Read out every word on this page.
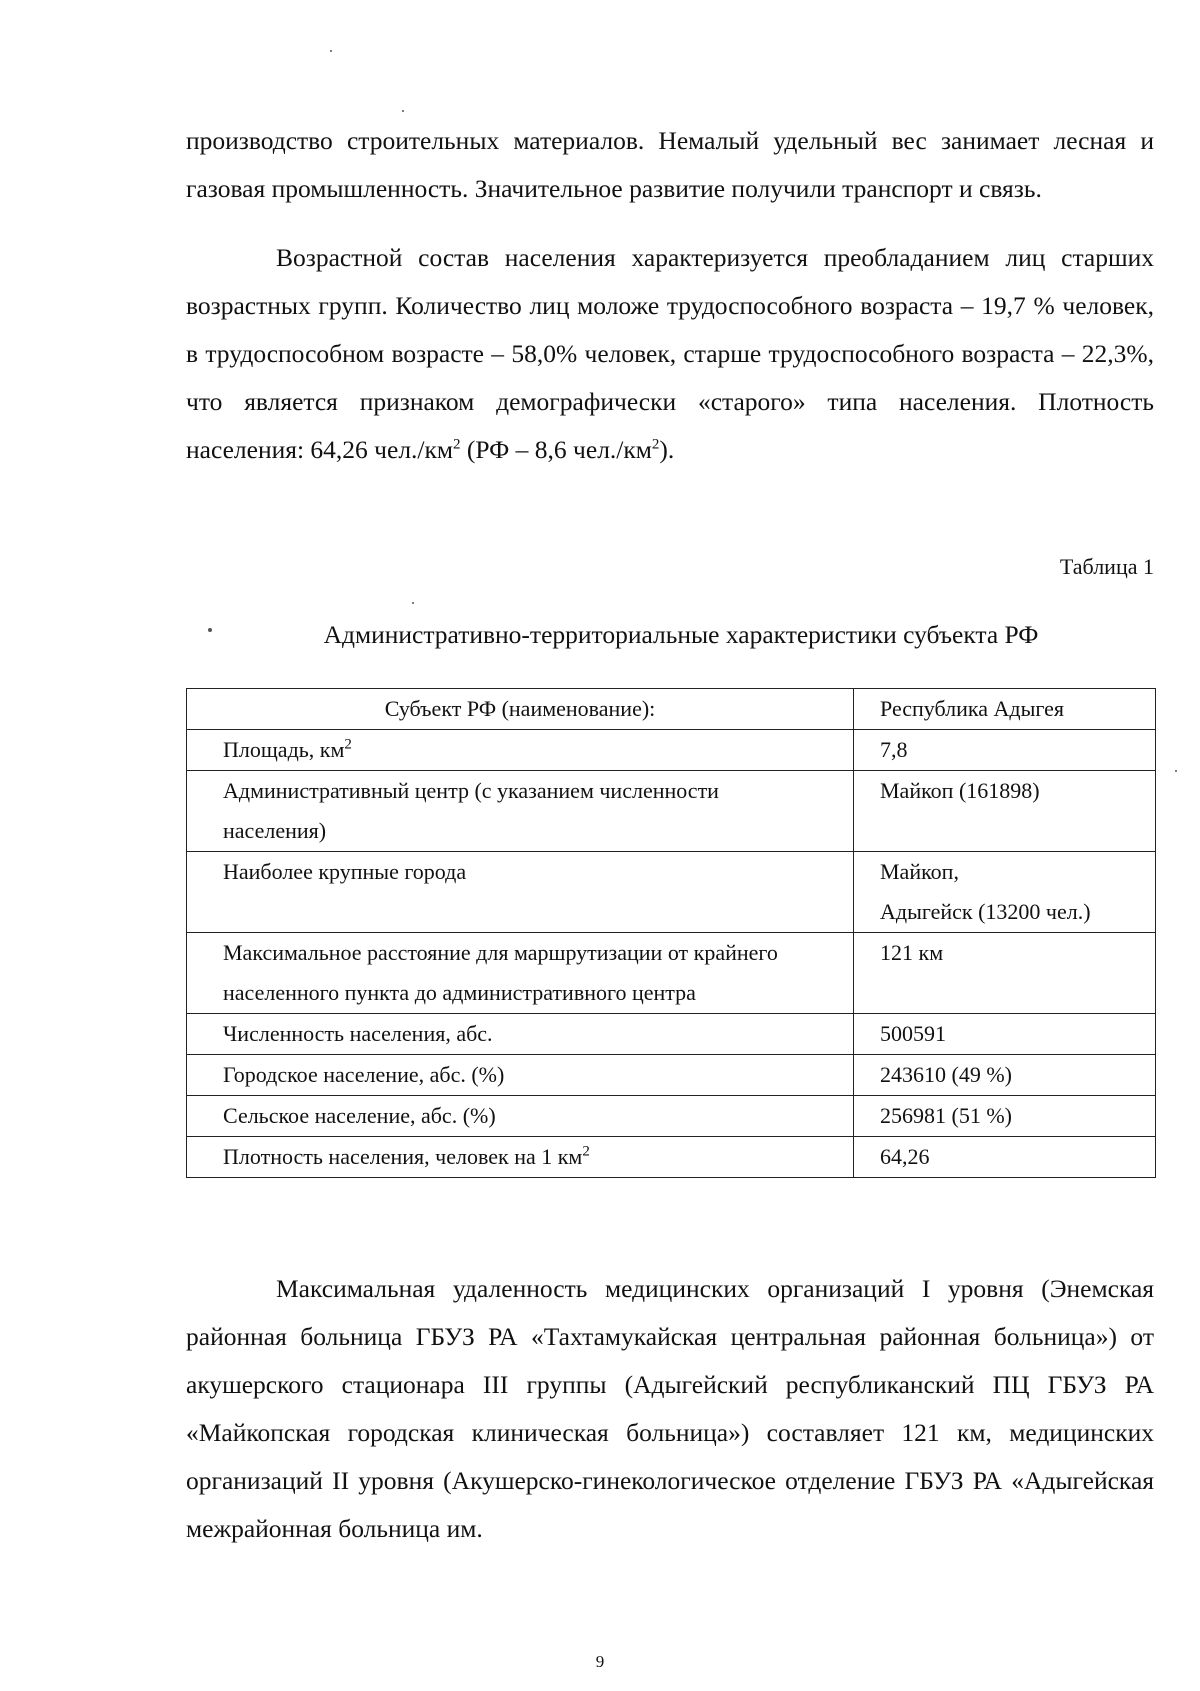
производство строительных материалов. Немалый удельный вес занимает лесная и газовая промышленность. Значительное развитие получили транспорт и связь.

Возрастной состав населения характеризуется преобладанием лиц старших возрастных групп. Количество лиц моложе трудоспособного возраста – 19,7 % человек, в трудоспособном возрасте – 58,0% человек, старше трудоспособного возраста – 22,3%, что является признаком демографически «старого» типа населения. Плотность населения: 64,26 $чел./км^2$ (РФ – 8,6 $чел./км^2$).

Таблица 1

Административно-территориальные характеристики субъекта РФ

Субъект РФ (наименование):	Республика Адыгея
Площадь, $км^2$	7,8
Административный центр (с указанием численности
населения)	Майкоп (161898)
Наиболее крупные города	Майкоп,
Адыгейск (13200 чел.)
Максимальное расстояние для маршрутизации от крайнего
населенного пункта до административного центра	121 км
Численность населения, абс.	500591
Городское население, абс. (%)	243610 (49 %)
Сельское население, абс. (%)	256981 (51 %)
Плотность населения, человек на 1 $км^2$	64,26

Максимальная удаленность медицинских организаций I уровня (Энемская районная больница ГБУЗ РА «Тахтамукайская центральная районная больница») от акушерского стационара III группы (Адыгейский республиканский ПЦ ГБУЗ РА «Майкопская городская клиническая больница») составляет 121 км, медицинских организаций II уровня (Акушерско-гинекологическое отделение ГБУЗ РА «Адыгейская межрайонная больница им.

9
